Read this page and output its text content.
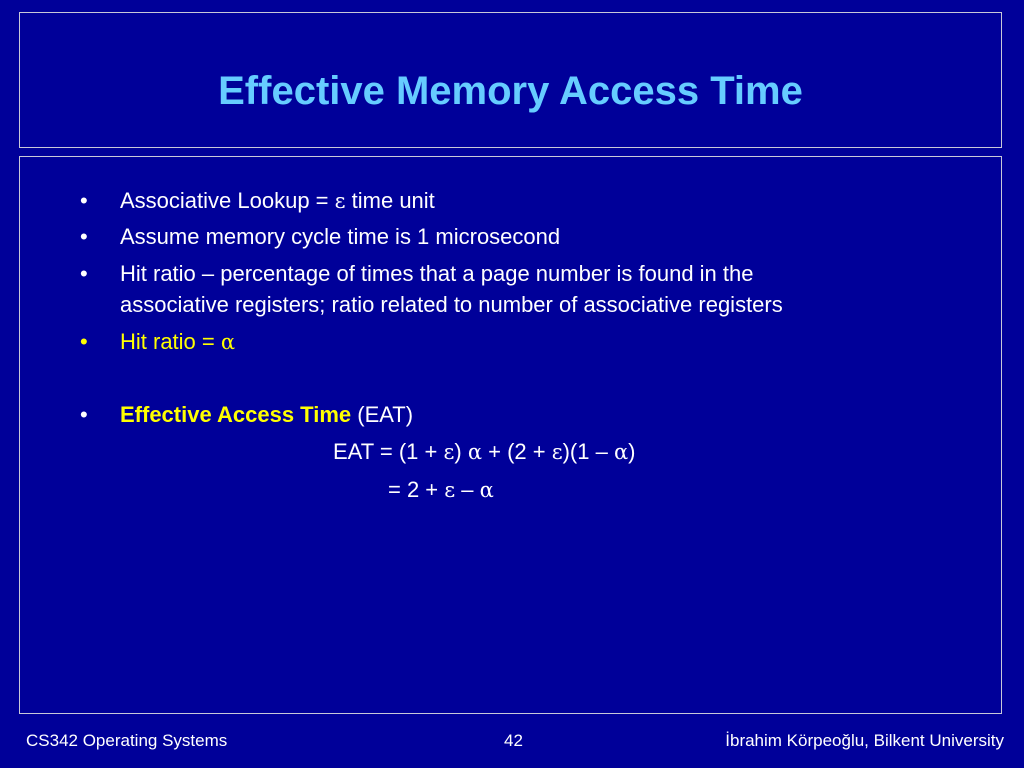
Effective Memory Access Time
• Associative Lookup = ε time unit
• Assume memory cycle time is 1 microsecond
• Hit ratio – percentage of times that a page number is found in the
associative registers; ratio related to number of associative registers
• Hit ratio = α
• Effective Access Time (EAT)
EAT = (1 + ε) α + (2 + ε)(1 – α)
= 2 + ε – α
CS342 Operating Systems	42	İbrahim Körpeoğlu, Bilkent University
